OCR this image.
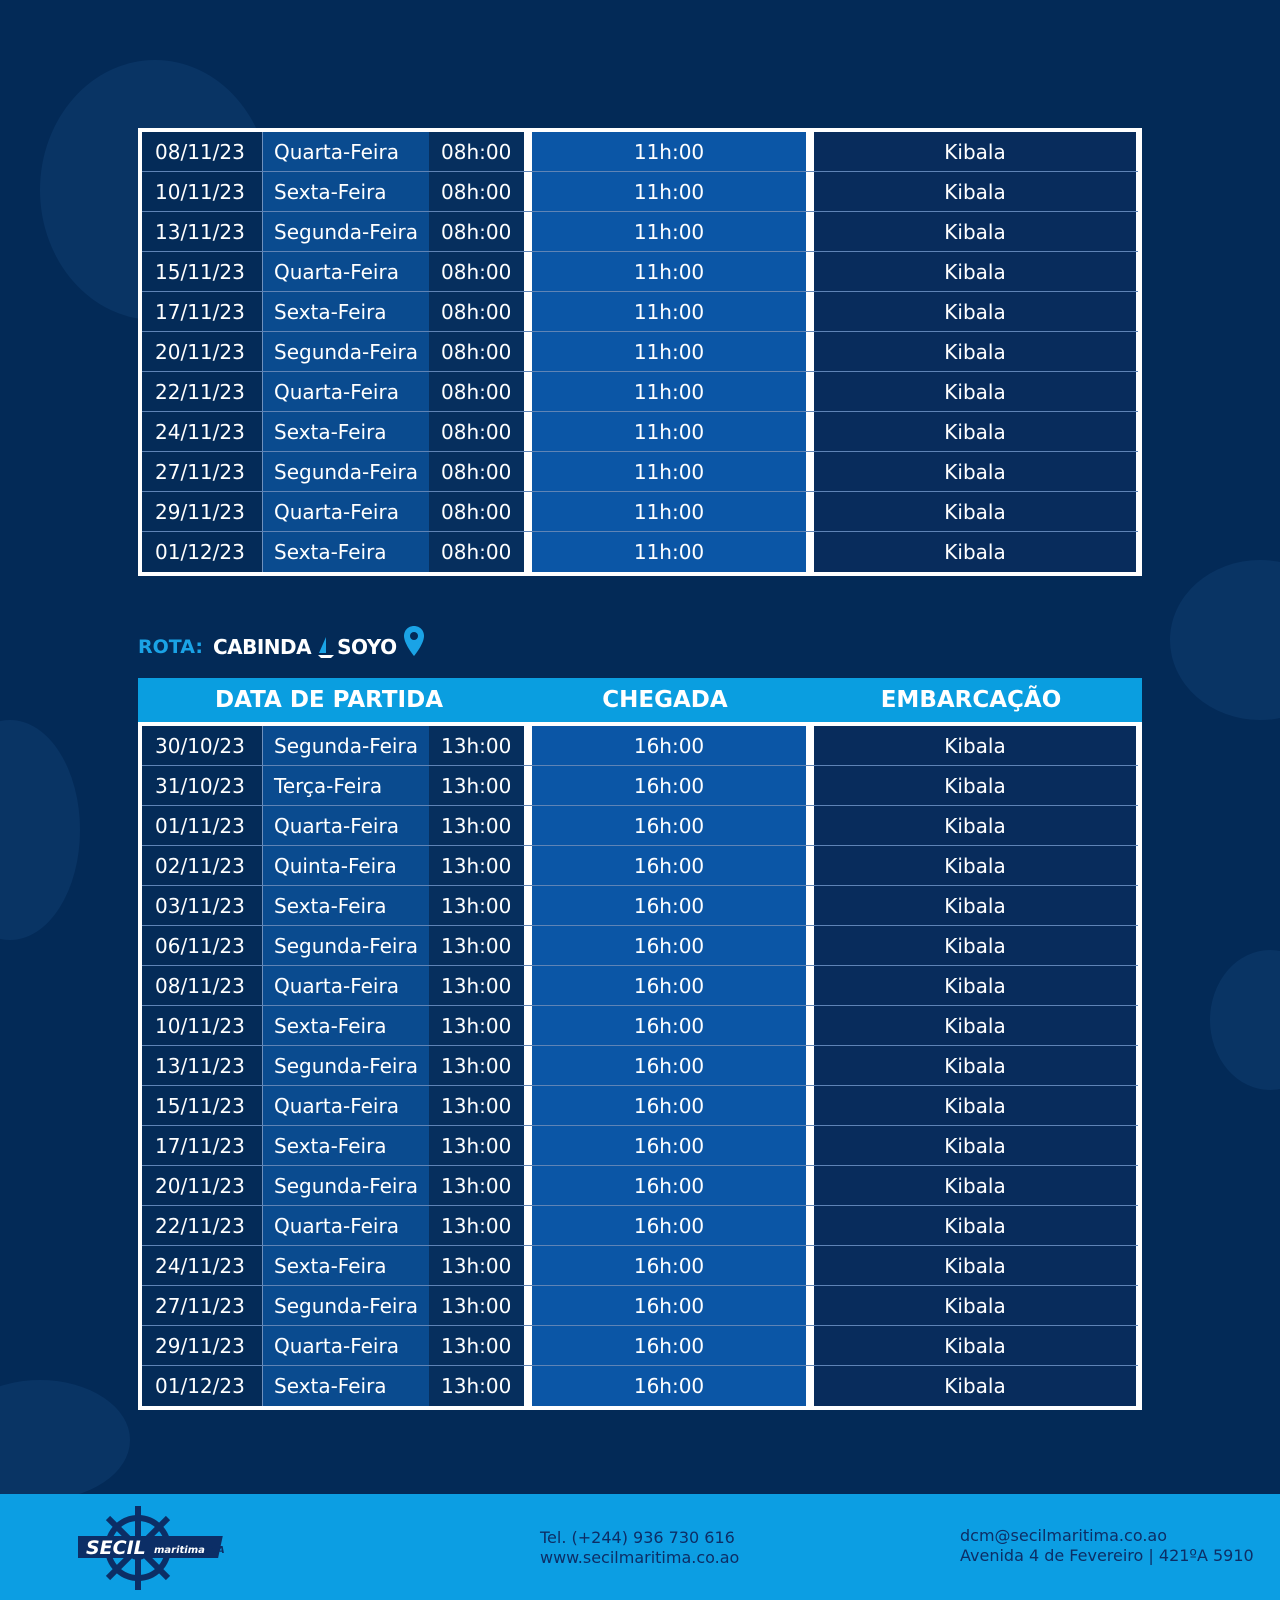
08/11/23	Quarta-Feira	08h:00	11h:00	Kibala
10/11/23	Sexta-Feira	08h:00	11h:00	Kibala
13/11/23	Segunda-Feira	08h:00	11h:00	Kibala
15/11/23	Quarta-Feira	08h:00	11h:00	Kibala
17/11/23	Sexta-Feira	08h:00	11h:00	Kibala
20/11/23	Segunda-Feira	08h:00	11h:00	Kibala
22/11/23	Quarta-Feira	08h:00	11h:00	Kibala
24/11/23	Sexta-Feira	08h:00	11h:00	Kibala
27/11/23	Segunda-Feira	08h:00	11h:00	Kibala
29/11/23	Quarta-Feira	08h:00	11h:00	Kibala
01/12/23	Sexta-Feira	08h:00	11h:00	Kibala
ROTA: CABINDA SOYO
DATA DE PARTIDA	CHEGADA	EMBARCAÇÃO
30/10/23	Segunda-Feira	13h:00	16h:00	Kibala
31/10/23	Terça-Feira	13h:00	16h:00	Kibala
01/11/23	Quarta-Feira	13h:00	16h:00	Kibala
02/11/23	Quinta-Feira	13h:00	16h:00	Kibala
03/11/23	Sexta-Feira	13h:00	16h:00	Kibala
06/11/23	Segunda-Feira	13h:00	16h:00	Kibala
08/11/23	Quarta-Feira	13h:00	16h:00	Kibala
10/11/23	Sexta-Feira	13h:00	16h:00	Kibala
13/11/23	Segunda-Feira	13h:00	16h:00	Kibala
15/11/23	Quarta-Feira	13h:00	16h:00	Kibala
17/11/23	Sexta-Feira	13h:00	16h:00	Kibala
20/11/23	Segunda-Feira	13h:00	16h:00	Kibala
22/11/23	Quarta-Feira	13h:00	16h:00	Kibala
24/11/23	Sexta-Feira	13h:00	16h:00	Kibala
27/11/23	Segunda-Feira	13h:00	16h:00	Kibala
29/11/23	Quarta-Feira	13h:00	16h:00	Kibala
01/12/23	Sexta-Feira	13h:00	16h:00	Kibala
SECIL maritima ,SA
Tel. (+244) 936 730 616
www.secilmaritima.co.ao
dcm@secilmaritima.co.ao
Avenida 4 de Fevereiro | 421ºA 5910
